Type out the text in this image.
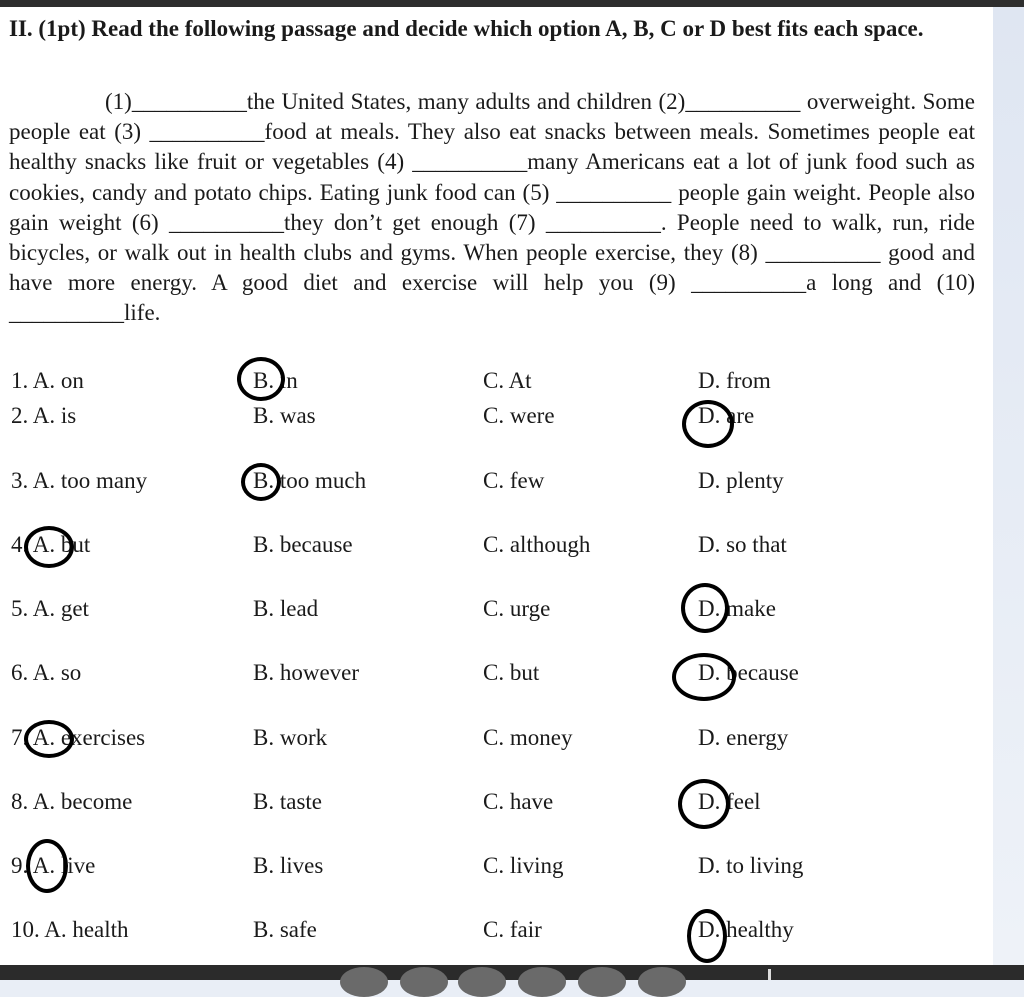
II. (1pt) Read the following passage and decide which option A, B, C or D best fits each space.
(1)__________the United States, many adults and children (2)__________ overweight. Some people eat (3) __________food at meals. They also eat snacks between meals. Sometimes people eat healthy snacks like fruit or vegetables (4) __________many Americans eat a lot of junk food such as cookies, candy and potato chips. Eating junk food can (5) __________ people gain weight. People also gain weight (6) __________they don’t get enough (7) __________. People need to walk, run, ride bicycles, or walk out in health clubs and gyms. When people exercise, they (8) __________ good and have more energy. A good diet and exercise will help you (9) __________a long and (10) __________life.
1. A. on	B. in	C. At	D. from
2. A. is	B. was	C. were	D. are
3. A. too many	B. too much	C. few	D. plenty
4. A. but	B. because	C. although	D. so that
5. A. get	B. lead	C. urge	D. make
6. A. so	B. however	C. but	D. because
7. A. exercises	B. work	C. money	D. energy
8. A. become	B. taste	C. have	D. feel
9. A. live	B. lives	C. living	D. to living
10. A. health	B. safe	C. fair	D. healthy
